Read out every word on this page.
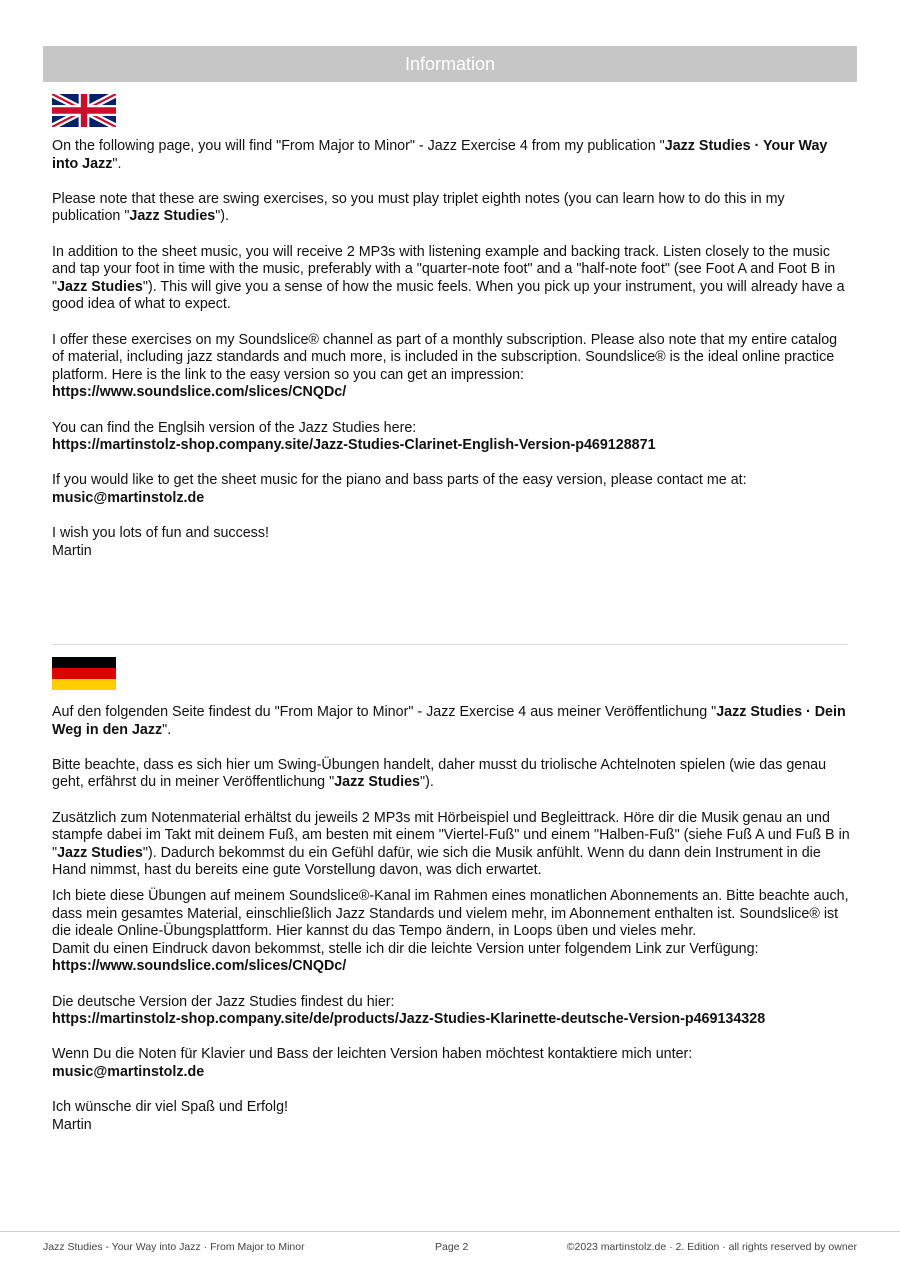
Information

On the following page, you will find "From Major to Minor" - Jazz Exercise 4 from my publication "Jazz Studies · Your Way into Jazz".

Please note that these are swing exercises, so you must play triplet eighth notes (you can learn how to do this in my publication "Jazz Studies").

In addition to the sheet music, you will receive 2 MP3s with listening example and backing track. Listen closely to the music and tap your foot in time with the music, preferably with a "quarter-note foot" and a "half-note foot" (see Foot A and Foot B in "Jazz Studies"). This will give you a sense of how the music feels. When you pick up your instrument, you will already have a good idea of what to expect.

I offer these exercises on my Soundslice® channel as part of a monthly subscription. Please also note that my entire catalog of material, including jazz standards and much more, is included in the subscription. Soundslice® is the ideal online practice platform. Here is the link to the easy version so you can get an impression:
https://www.soundslice.com/slices/CNQDc/

You can find the Englsih version of the Jazz Studies here:
https://martinstolz-shop.company.site/Jazz-Studies-Clarinet-English-Version-p469128871

If you would like to get the sheet music for the piano and bass parts of the easy version, please contact me at:
music@martinstolz.de

I wish you lots of fun and success!
Martin

Auf den folgenden Seite findest du "From Major to Minor" - Jazz Exercise 4 aus meiner Veröffentlichung "Jazz Studies · Dein Weg in den Jazz".

Bitte beachte, dass es sich hier um Swing-Übungen handelt, daher musst du triolische Achtelnoten spielen (wie das genau geht, erfährst du in meiner Veröffentlichung "Jazz Studies").

Zusätzlich zum Notenmaterial erhältst du jeweils 2 MP3s mit Hörbeispiel und Begleittrack. Höre dir die Musik genau an und stampfe dabei im Takt mit deinem Fuß, am besten mit einem "Viertel-Fuß" und einem "Halben-Fuß" (siehe Fuß A und Fuß B in "Jazz Studies"). Dadurch bekommst du ein Gefühl dafür, wie sich die Musik anfühlt. Wenn du dann dein Instrument in die Hand nimmst, hast du bereits eine gute Vorstellung davon, was dich erwartet.

Ich biete diese Übungen auf meinem Soundslice®-Kanal im Rahmen eines monatlichen Abonnements an. Bitte beachte auch, dass mein gesamtes Material, einschließlich Jazz Standards und vielem mehr, im Abonnement enthalten ist. Soundslice® ist die ideale Online-Übungsplattform. Hier kannst du das Tempo ändern, in Loops üben und vieles mehr.
Damit du einen Eindruck davon bekommst, stelle ich dir die leichte Version unter folgendem Link zur Verfügung:
https://www.soundslice.com/slices/CNQDc/

Die deutsche Version der Jazz Studies findest du hier:
https://martinstolz-shop.company.site/de/products/Jazz-Studies-Klarinette-deutsche-Version-p469134328

Wenn Du die Noten für Klavier und Bass der leichten Version haben möchtest kontaktiere mich unter:
music@martinstolz.de

Ich wünsche dir viel Spaß und Erfolg!
Martin

Jazz Studies - Your Way into Jazz · From Major to Minor	Page 2	©2023 martinstolz.de · 2. Edition · all rights reserved by owner
